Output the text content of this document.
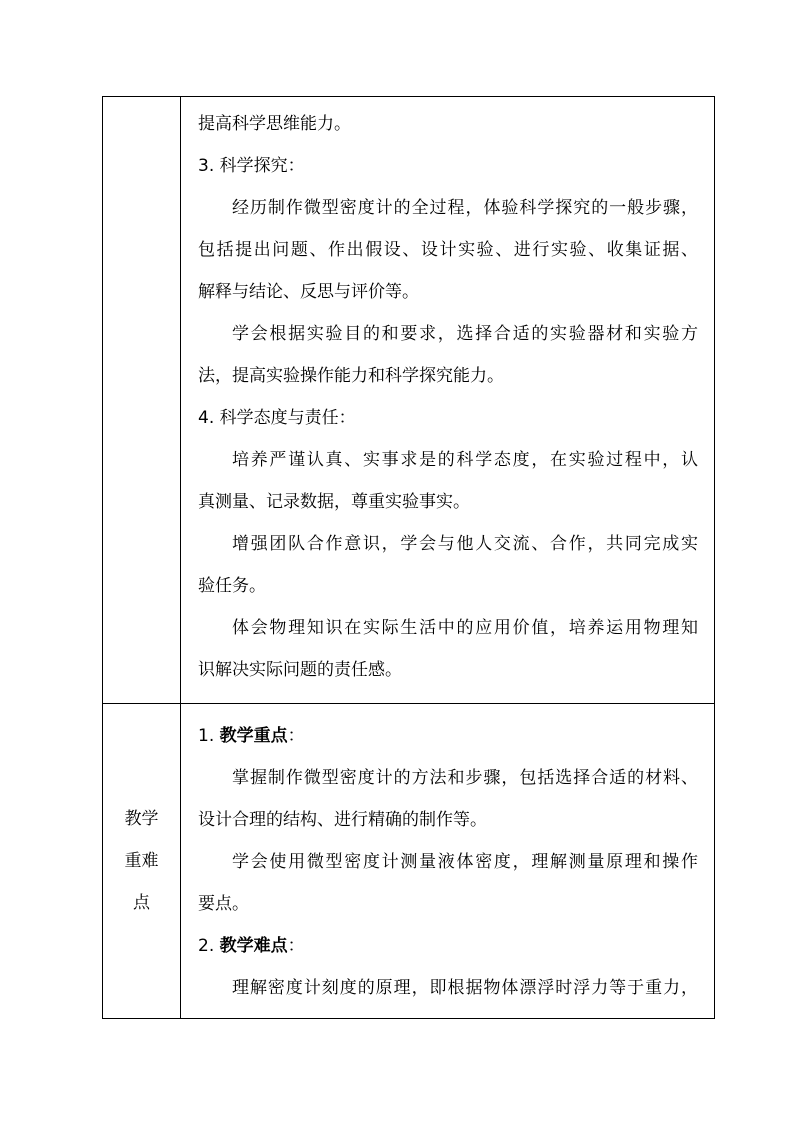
提高科学思维能力。

3. 科学探究：

经历制作微型密度计的全过程，体验科学探究的一般步骤，

包括提出问题、作出假设、设计实验、进行实验、收集证据、

解释与结论、反思与评价等。

学会根据实验目的和要求，选择合适的实验器材和实验方

法，提高实验操作能力和科学探究能力。

4. 科学态度与责任：

培养严谨认真、实事求是的科学态度，在实验过程中，认

真测量、记录数据，尊重实验事实。

增强团队合作意识，学会与他人交流、合作，共同完成实

验任务。

体会物理知识在实际生活中的应用价值，培养运用物理知

识解决实际问题的责任感。

教学
重难
点

1. 教学重点：

掌握制作微型密度计的方法和步骤，包括选择合适的材料、

设计合理的结构、进行精确的制作等。

学会使用微型密度计测量液体密度，理解测量原理和操作

要点。

2. 教学难点：

理解密度计刻度的原理，即根据物体漂浮时浮力等于重力，
